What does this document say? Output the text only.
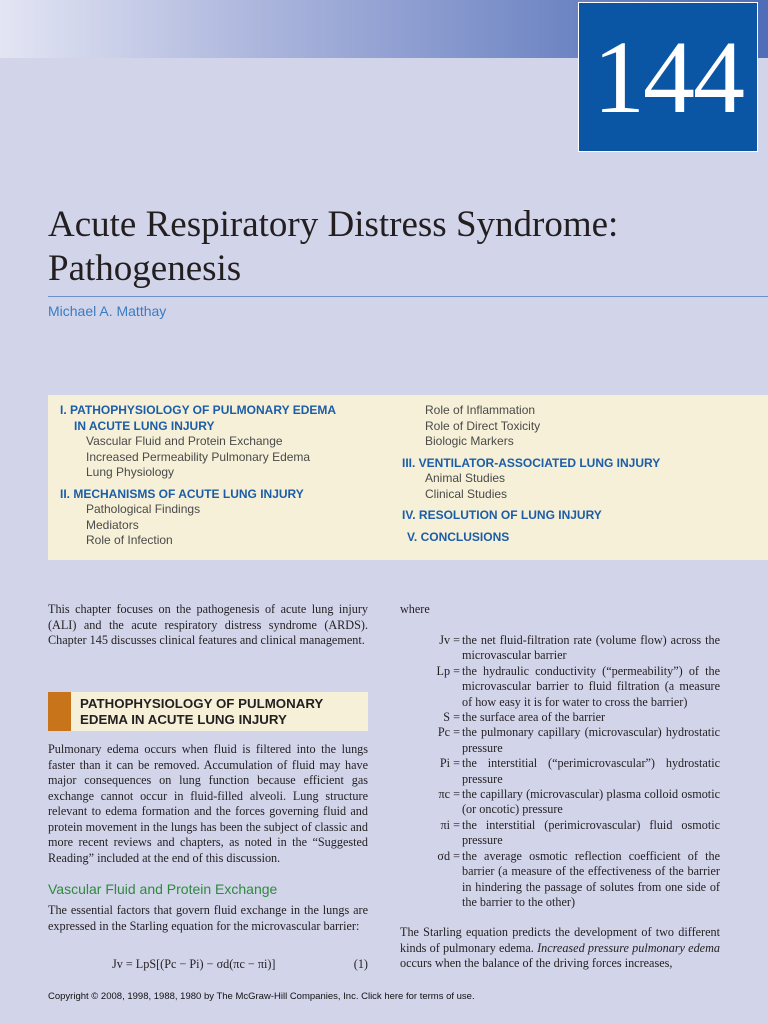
144
Acute Respiratory Distress Syndrome:
Pathogenesis
Michael A. Matthay
I. PATHOPHYSIOLOGY OF PULMONARY EDEMA
IN ACUTE LUNG INJURY
Vascular Fluid and Protein Exchange
Increased Permeability Pulmonary Edema
Lung Physiology
II. MECHANISMS OF ACUTE LUNG INJURY
Pathological Findings
Mediators
Role of Infection
Role of Inflammation
Role of Direct Toxicity
Biologic Markers
III. VENTILATOR-ASSOCIATED LUNG INJURY
Animal Studies
Clinical Studies
IV. RESOLUTION OF LUNG INJURY
V. CONCLUSIONS

This chapter focuses on the pathogenesis of acute lung injury (ALI) and the acute respiratory distress syndrome (ARDS). Chapter 145 discusses clinical features and clinical management.

PATHOPHYSIOLOGY OF PULMONARY
EDEMA IN ACUTE LUNG INJURY

Pulmonary edema occurs when fluid is filtered into the lungs faster than it can be removed. Accumulation of fluid may have major consequences on lung function because efficient gas exchange cannot occur in fluid-filled alveoli. Lung structure relevant to edema formation and the forces governing fluid and protein movement in the lungs has been the subject of classic and more recent reviews and chapters, as noted in the “Suggested Reading” included at the end of this discussion.

Vascular Fluid and Protein Exchange

The essential factors that govern fluid exchange in the lungs are expressed in the Starling equation for the microvascular barrier:

Jv = LpS[(Pc − Pi) − σd(πc − πi)]	(1)

where

Jv = the net fluid-filtration rate (volume flow) across the microvascular barrier
Lp = the hydraulic conductivity (“permeability”) of the microvascular barrier to fluid filtration (a measure of how easy it is for water to cross the barrier)
S = the surface area of the barrier
Pc = the pulmonary capillary (microvascular) hydrostatic pressure
Pi = the interstitial (“perimicrovascular”) hydrostatic pressure
πc = the capillary (microvascular) plasma colloid osmotic (or oncotic) pressure
πi = the interstitial (perimicrovascular) fluid osmotic pressure
σd = the average osmotic reflection coefficient of the barrier (a measure of the effectiveness of the barrier in hindering the passage of solutes from one side of the barrier to the other)

The Starling equation predicts the development of two different kinds of pulmonary edema. Increased pressure pulmonary edema occurs when the balance of the driving forces increases,

Copyright © 2008, 1998, 1988, 1980 by The McGraw-Hill Companies, Inc. Click here for terms of use.
